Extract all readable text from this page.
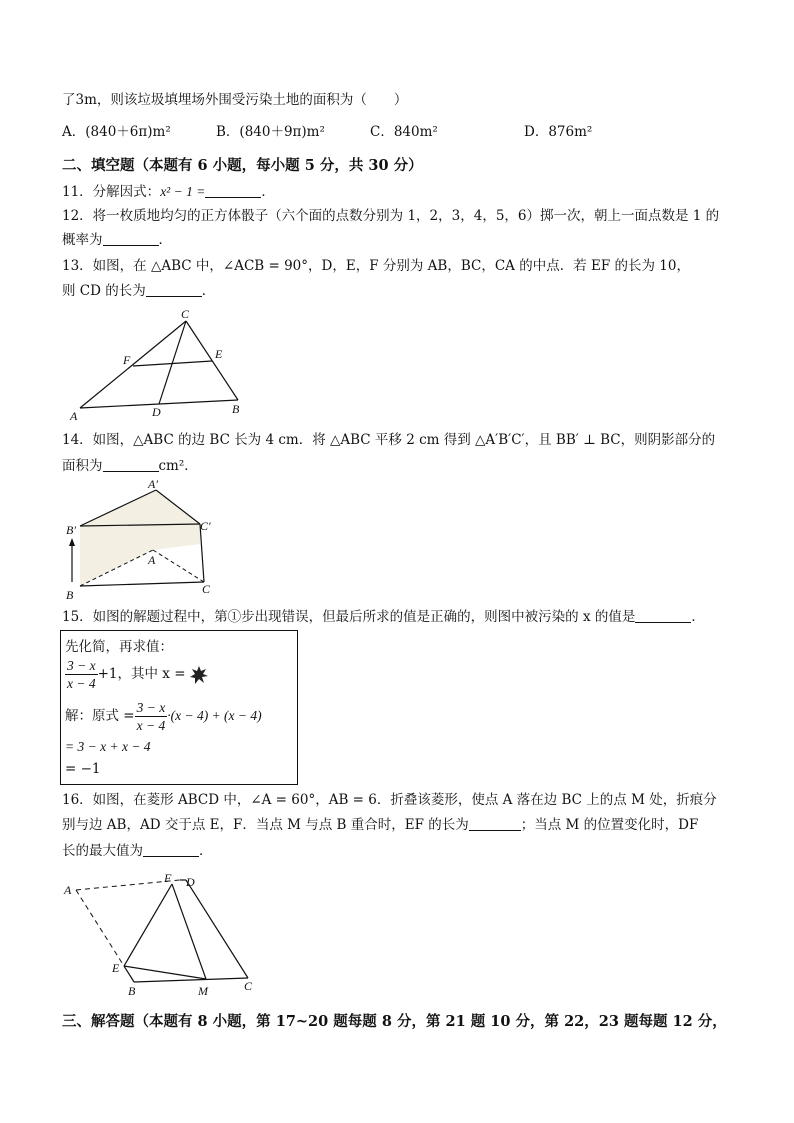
了3m，则该垃圾填埋场外围受污染土地的面积为（　　）
A．(840＋6π)m²	B．(840＋9π)m²	C．840m²	D．876m²
二、填空题（本题有 6 小题，每小题 5 分，共 30 分）
11．分解因式：x² − 1 =	．
12．将一枚质地均匀的正方体骰子（六个面的点数分别为 1，2，3，4，5，6）掷一次，朝上一面点数是 1 的
概率为	．
13．如图，在 △ABC 中，∠ACB = 90°，D，E，F 分别为 AB，BC，CA 的中点．若 EF 的长为 10，
则 CD 的长为	．
A	B
C
D
E
F
14．如图，△ABC 的边 BC 长为 4 cm．将 △ABC 平移 2 cm 得到 △A′B′C′，且 BB′ ⊥ BC，则阴影部分的
面积为	cm²．
A′
B′	C′
A
B	C
15．如图的解题过程中，第①步出现错误，但最后所求的值是正确的，则图中被污染的 x 的值是	．
先化简，再求值：
$\frac{3 - x}{x - 4} +1$，其中 x =
解：原式 = $\frac{3 - x}{x - 4} \cdot(x - 4) + (x - 4)$
= 3 − x + x − 4
= −1
16．如图，在菱形 ABCD 中，∠A = 60°，AB = 6．折叠该菱形，使点 A 落在边 BC 上的点 M 处，折痕分
别与边 AB，AD 交于点 E，F．当点 M 与点 B 重合时，EF 的长为	；当点 M 的位置变化时，DF
长的最大值为	．
A
F D
E
B	M	C
三、解答题（本题有 8 小题，第 17~20 题每题 8 分，第 21 题 10 分，第 22，23 题每题 12 分，
